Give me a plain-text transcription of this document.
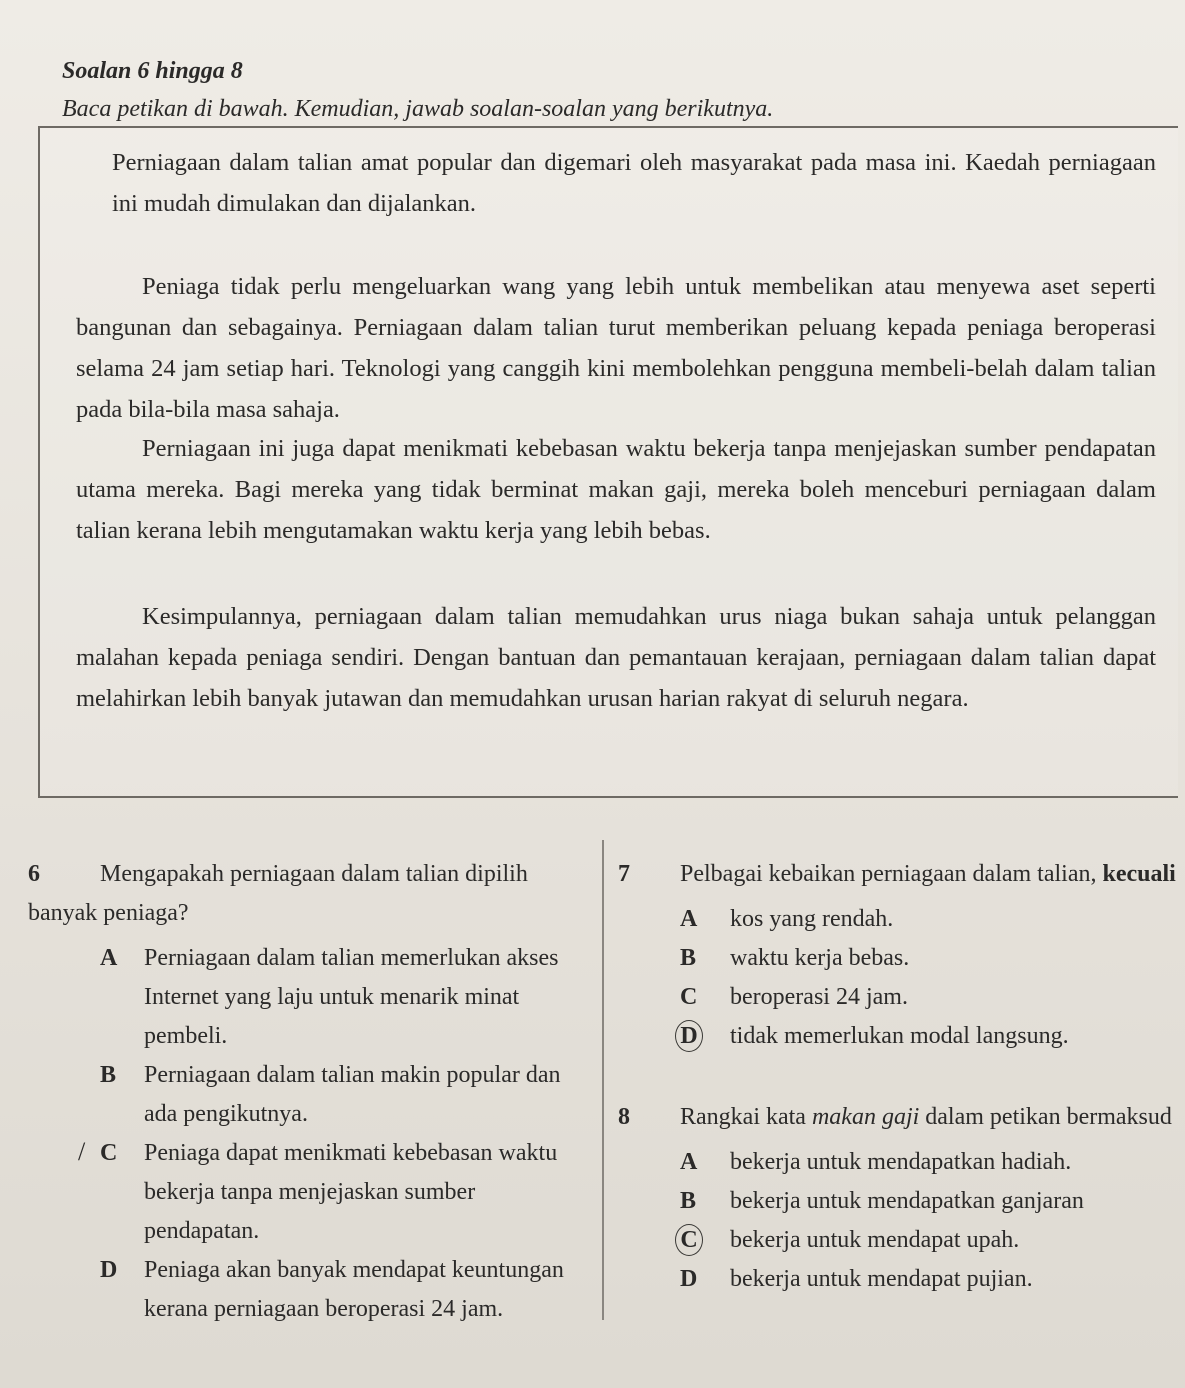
Soalan 6 hingga 8
Baca petikan di bawah. Kemudian, jawab soalan-soalan yang berikutnya.
Perniagaan dalam talian amat popular dan digemari oleh masyarakat pada masa ini. Kaedah perniagaan ini mudah dimulakan dan dijalankan.
Peniaga tidak perlu mengeluarkan wang yang lebih untuk membelikan atau menyewa aset seperti bangunan dan sebagainya. Perniagaan dalam talian turut memberikan peluang kepada peniaga beroperasi selama 24 jam setiap hari. Teknologi yang canggih kini membolehkan pengguna membeli-belah dalam talian pada bila-bila masa sahaja.
Perniagaan ini juga dapat menikmati kebebasan waktu bekerja tanpa menjejaskan sumber pendapatan utama mereka. Bagi mereka yang tidak berminat makan gaji, mereka boleh menceburi perniagaan dalam talian kerana lebih mengutamakan waktu kerja yang lebih bebas.
Kesimpulannya, perniagaan dalam talian memudahkan urus niaga bukan sahaja untuk pelanggan malahan kepada peniaga sendiri. Dengan bantuan dan pemantauan kerajaan, perniagaan dalam talian dapat melahirkan lebih banyak jutawan dan memudahkan urusan harian rakyat di seluruh negara.
6	Mengapakah perniagaan dalam talian dipilih banyak peniaga?
A	Perniagaan dalam talian memerlukan akses Internet yang laju untuk menarik minat pembeli.
B	Perniagaan dalam talian makin popular dan ada pengikutnya.
/ C	Peniaga dapat menikmati kebebasan waktu bekerja tanpa menjejaskan sumber pendapatan.
D	Peniaga akan banyak mendapat keuntungan kerana perniagaan beroperasi 24 jam.
7 Pelbagai kebaikan perniagaan dalam talian, kecuali
A	kos yang rendah.
B	waktu kerja bebas.
C	beroperasi 24 jam.
D	tidak memerlukan modal langsung.
8 Rangkai kata makan gaji dalam petikan bermaksud
A	bekerja untuk mendapatkan hadiah.
B	bekerja untuk mendapatkan ganjaran
C	bekerja untuk mendapat upah.
D	bekerja untuk mendapat pujian.
